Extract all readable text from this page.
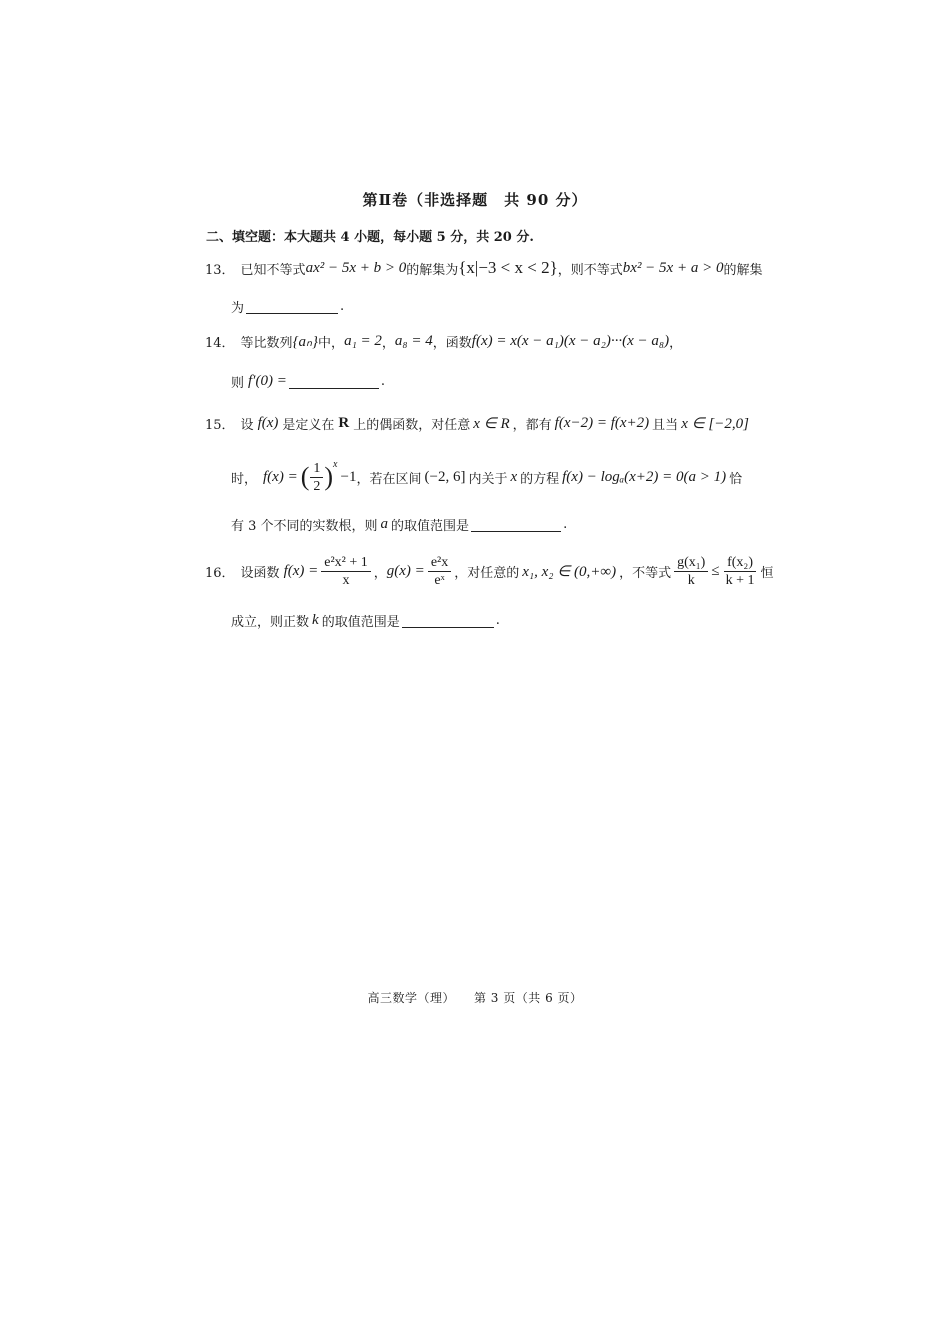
第Ⅱ卷（非选择题　共 90 分）
二、填空题：本大题共 4 小题，每小题 5 分，共 20 分.
13． 已知不等式 ax² − 5x + b > 0 的解集为 {x|−3 < x < 2} ，则不等式 bx² − 5x + a > 0 的解集
为	.
14． 等比数列 {aₙ} 中， a₁ = 2 ， a₈ = 4 ，函数 f(x) = x(x − a₁)(x − a₂)···(x − a₈) ，
则 f′(0) =	.
15． 设 f(x) 是定义在 R 上的偶函数，对任意 x ∈ R ，都有 f(x−2) = f(x+2) 且当 x ∈ [−2,0]
时， f(x) = ( $\frac{1}{2}$ ) x
−1 ，若在区间 (−2, 6] 内关于 x 的方程 f(x) − logₐ(x+2) = 0(a > 1) 恰
有 3 个不同的实数根，则 a 的取值范围是	.
16． 设函数 $f(x) = \frac{\text{e²x² + 1}}{x}$ ， $g(x) = \frac{\text{e²x}}{\text{eˣ}}$ ，对任意的 x₁, x₂ ∈ (0,+∞) ，不等式 $\frac{\text{g(x₁)}}{k} \le \frac{\text{f(x₂)}}{k + 1}$ 恒
成立，则正数 k 的取值范围是	.
高三数学（理）　　第 3 页（共 6 页）
